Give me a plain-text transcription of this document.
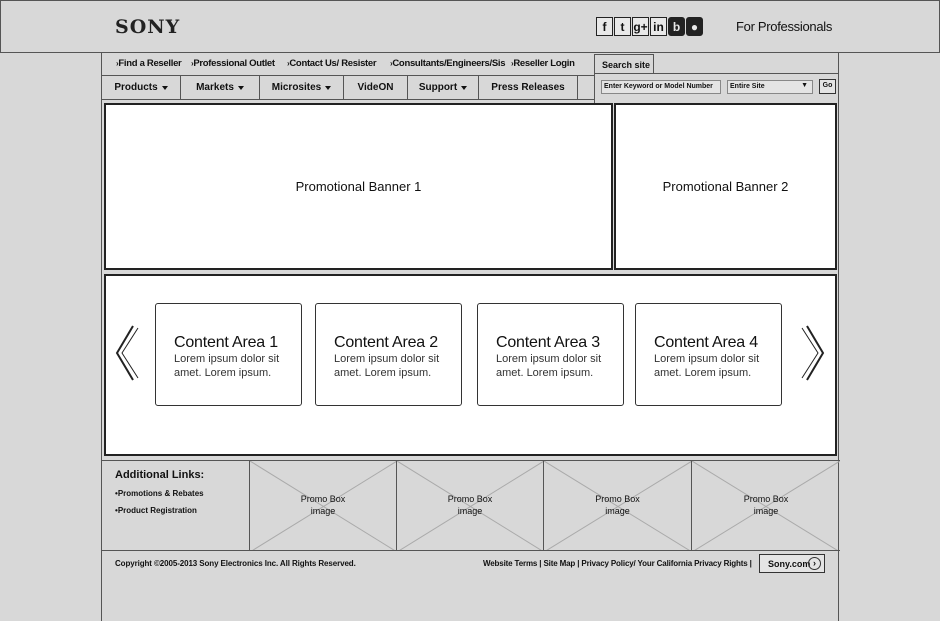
SONY	f	t g+ in b ●	For Professionals
› Find a Reseller › Professional Outlet › Contact Us/ Resister › Consultants/Engineers/Sis › Reseller Login	Search site
Enter Keyword or Model Number	Entire Site	▼	Go
Products	Markets	Microsites	VideON	Support	Press Releases
Promotional Banner 1	Promotional Banner 2
Content Area 1
Lorem ipsum dolor sit amet. Lorem ipsum.
Content Area 2
Lorem ipsum dolor sit amet. Lorem ipsum.
Content Area 3
Lorem ipsum dolor sit amet. Lorem ipsum.
Content Area 4
Lorem ipsum dolor sit amet. Lorem ipsum.
Additional Links:
• Promotions & Rebates
• Product Registration
Promo Box
image
Promo Box
image
Promo Box
image
Promo Box
image
Copyright ©2005-2013 Sony Electronics Inc. All Rights Reserved.	Website Terms | Site Map | Privacy Policy/ Your California Privacy Rights |	Sony.com ›
